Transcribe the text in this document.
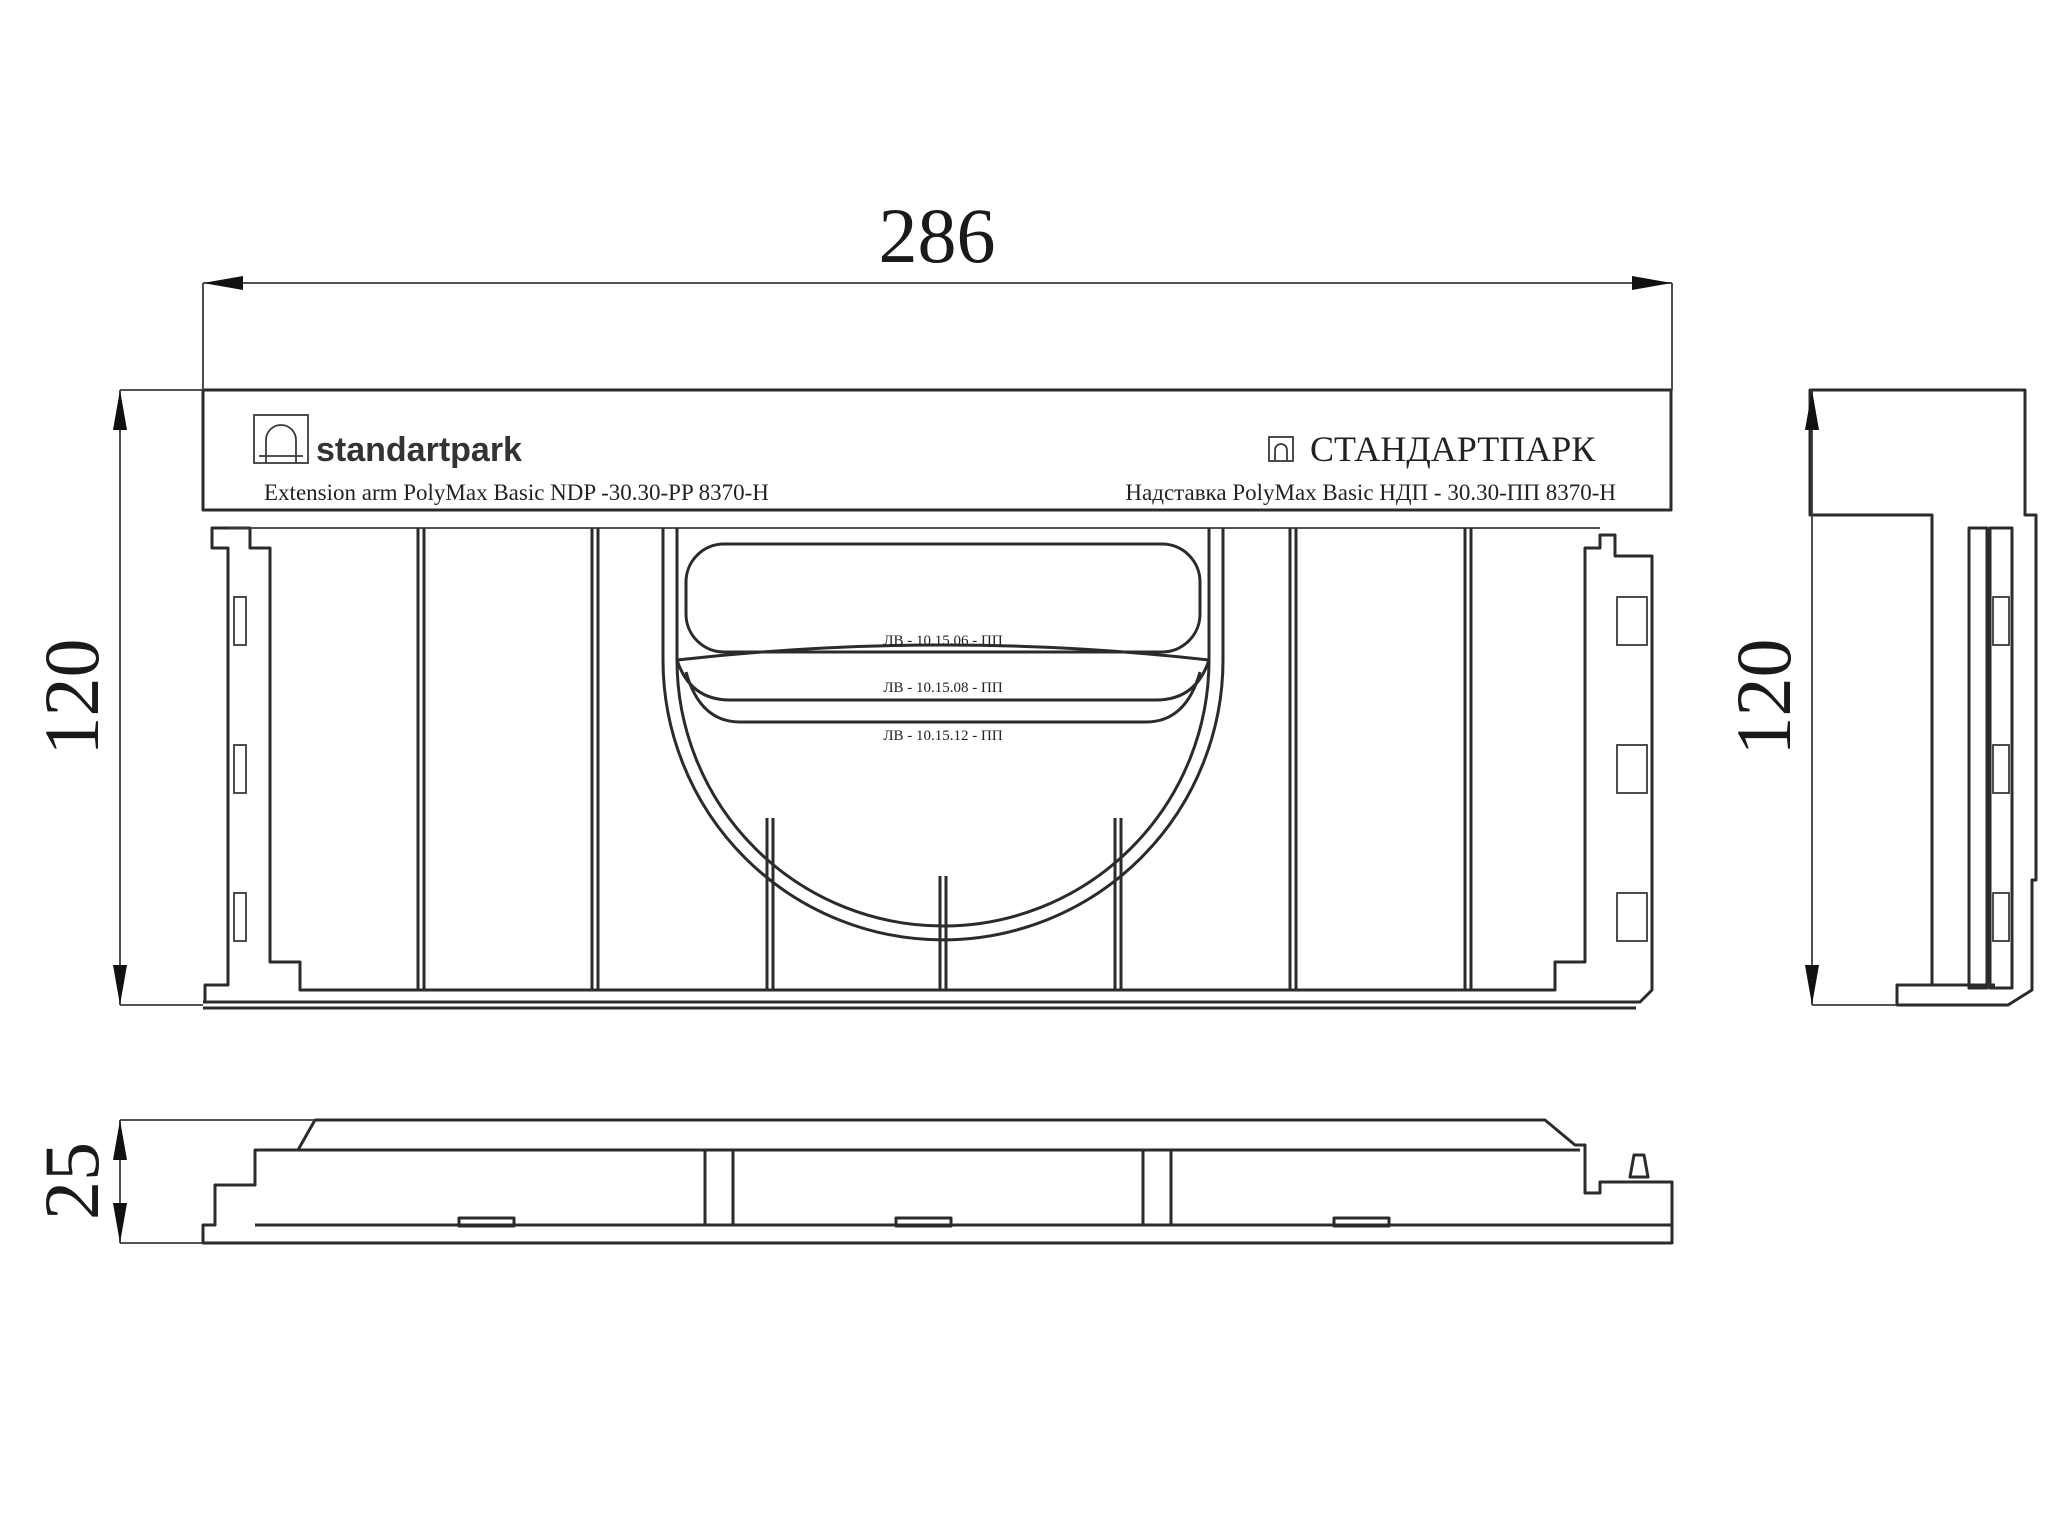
286
120	120
25
standartpark	СТАНДАРТПАРК
Extension arm PolyMax Basic NDP -30.30-PP 8370-H	Надставка PolyMax Basic НДП - 30.30-ПП 8370-Н
ЛВ - 10.15.06 - ПП
ЛВ - 10.15.08 - ПП
ЛВ - 10.15.12 - ПП
